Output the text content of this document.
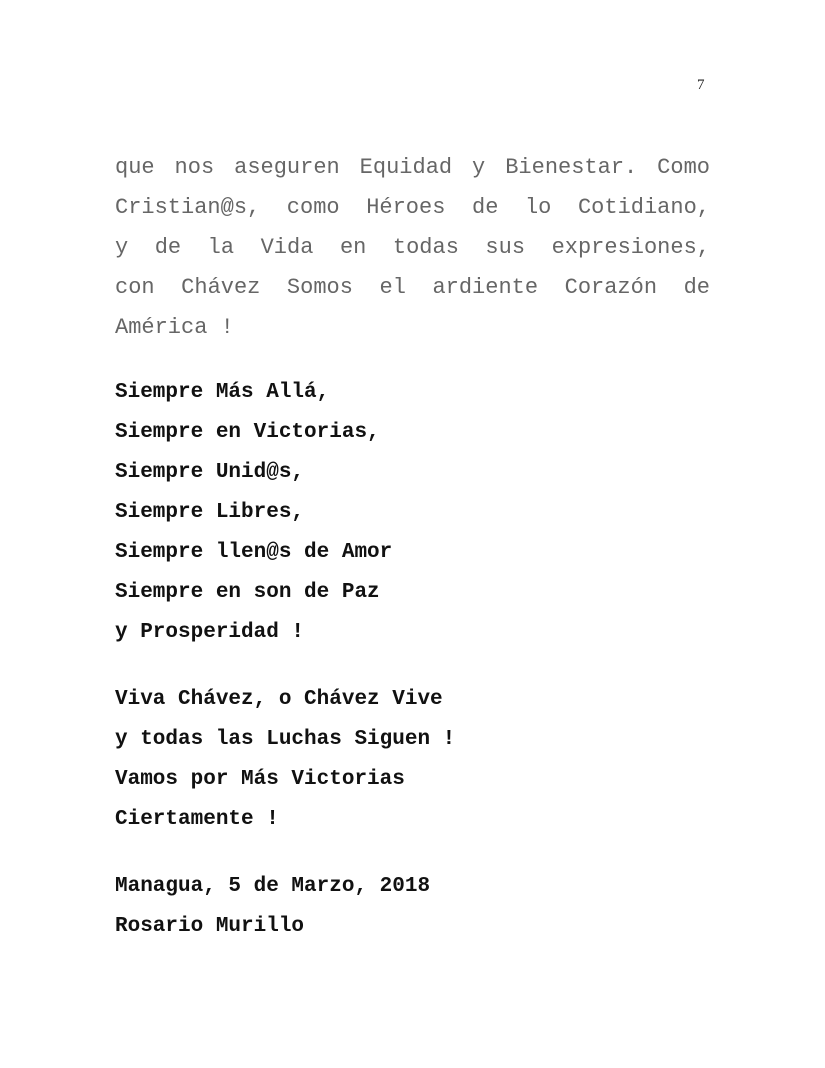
7
que nos aseguren Equidad y Bienestar. Como
Cristian@s, como Héroes de lo Cotidiano,
y de la Vida en todas sus expresiones,
con Chávez Somos el ardiente Corazón de
América !
Siempre Más Allá,
Siempre en Victorias,
Siempre Unid@s,
Siempre Libres,
Siempre llen@s de Amor
Siempre en son de Paz
y Prosperidad !
Viva Chávez, o Chávez Vive
y todas las Luchas Siguen !
Vamos por Más Victorias
Ciertamente !
Managua, 5 de Marzo, 2018
Rosario Murillo
